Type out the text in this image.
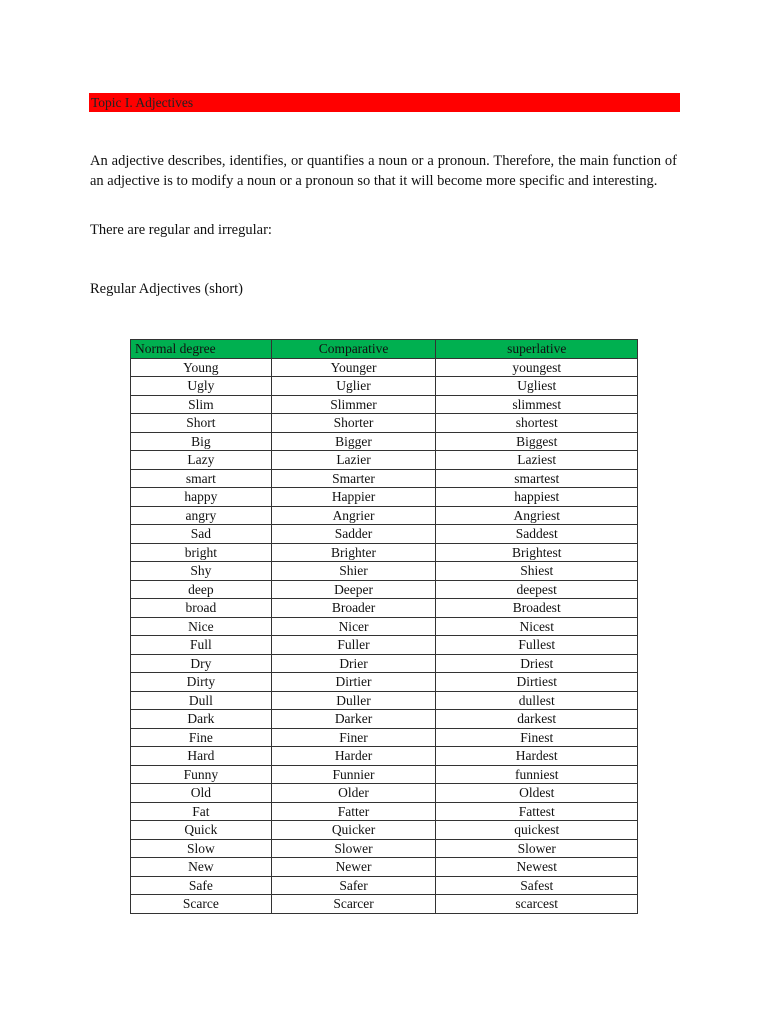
Topic I. Adjectives

An adjective describes, identifies, or quantifies a noun or a pronoun. Therefore, the main function of an adjective is to modify a noun or a pronoun so that it will become more specific and interesting.

There are regular and irregular:

Regular Adjectives (short)

Normal degree	Comparative	superlative
Young	Younger	youngest
Ugly	Uglier	Ugliest
Slim	Slimmer	slimmest
Short	Shorter	shortest
Big	Bigger	Biggest
Lazy	Lazier	Laziest
smart	Smarter	smartest
happy	Happier	happiest
angry	Angrier	Angriest
Sad	Sadder	Saddest
bright	Brighter	Brightest
Shy	Shier	Shiest
deep	Deeper	deepest
broad	Broader	Broadest
Nice	Nicer	Nicest
Full	Fuller	Fullest
Dry	Drier	Driest
Dirty	Dirtier	Dirtiest
Dull	Duller	dullest
Dark	Darker	darkest
Fine	Finer	Finest
Hard	Harder	Hardest
Funny	Funnier	funniest
Old	Older	Oldest
Fat	Fatter	Fattest
Quick	Quicker	quickest
Slow	Slower	Slower
New	Newer	Newest
Safe	Safer	Safest
Scarce	Scarcer	scarcest
